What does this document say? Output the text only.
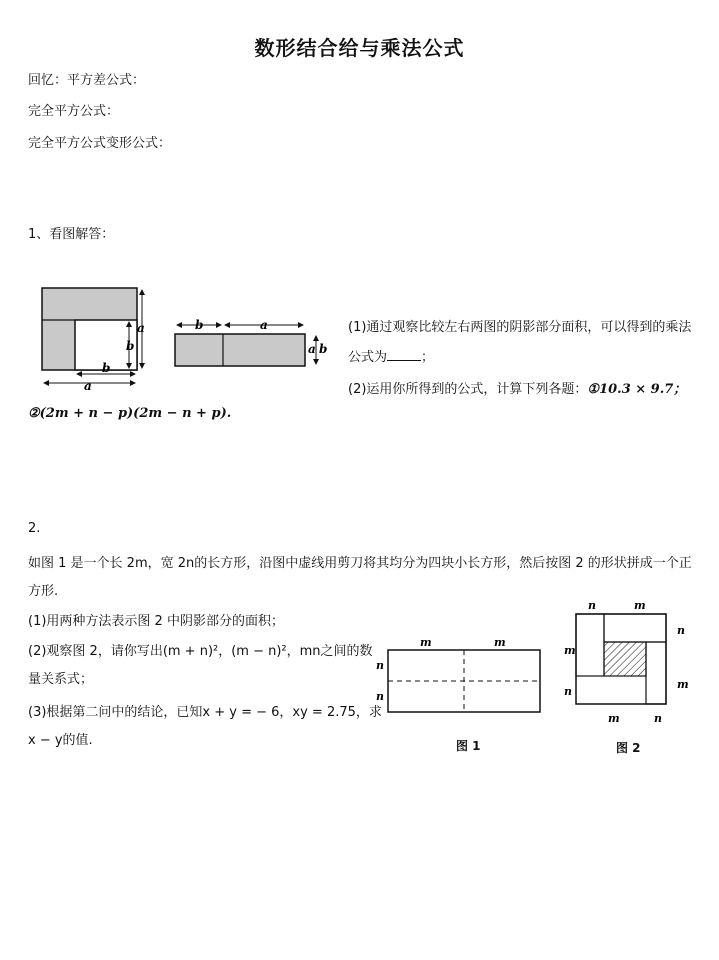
数形结合给与乘法公式
回忆：平方差公式：
完全平方公式：
完全平方公式变形公式：
1、看图解答：
a
b
b
a
b	a
a b
(1)通过观察比较左右两图的阴影部分面积，可以得到的乘法
公式为	；
(2)运用你所得到的公式，计算下列各题：①10.3 × 9.7；
②(2m + n − p)(2m − n + p).
2.
如图 1 是一个长 2m，宽 2n的长方形，沿图中虚线用剪刀将其均分为四块小长方形，然后按图 2 的形状拼成一个正
方形.
(1)用两种方法表示图 2 中阴影部分的面积；
(2)观察图 2，请你写出(m + n)²，(m − n)²，mn之间的数
量关系式；
(3)根据第二问中的结论，已知x + y = − 6，xy = 2.75，求
x − y的值.
m	m
n
n
图 1
n	m
n
m
m
n
m	n
图 2
